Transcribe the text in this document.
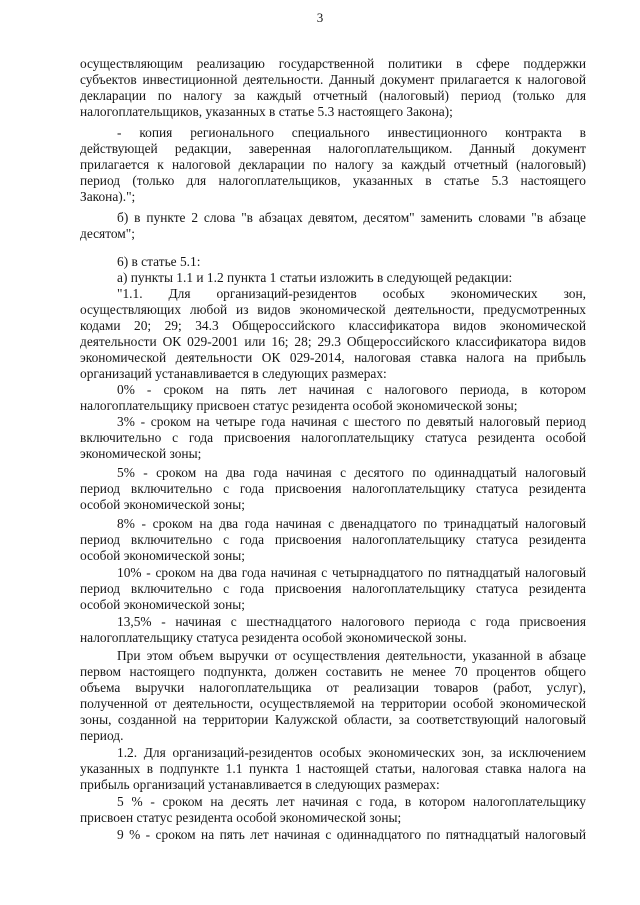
3
осуществляющим реализацию государственной политики в сфере поддержки
субъектов инвестиционной деятельности. Данный документ прилагается к налоговой
декларации по налогу за каждый отчетный (налоговый) период (только для
налогоплательщиков, указанных в статье 5.3 настоящего Закона);
- копия регионального специального инвестиционного контракта в
действующей редакции, заверенная налогоплательщиком. Данный документ
прилагается к налоговой декларации по налогу за каждый отчетный (налоговый)
период (только для налогоплательщиков, указанных в статье 5.3 настоящего
Закона).";
б) в пункте 2 слова "в абзацах девятом, десятом" заменить словами "в абзаце
десятом";
6) в статье 5.1:
а) пункты 1.1 и 1.2 пункта 1 статьи изложить в следующей редакции:
"1.1. Для организаций-резидентов особых экономических зон,
осуществляющих любой из видов экономической деятельности, предусмотренных
кодами 20; 29; 34.3 Общероссийского классификатора видов экономической
деятельности ОК 029-2001 или 16; 28; 29.3 Общероссийского классификатора видов
экономической деятельности ОК 029-2014, налоговая ставка налога на прибыль
организаций устанавливается в следующих размерах:
0% - сроком на пять лет начиная с налогового периода, в котором
налогоплательщику присвоен статус резидента особой экономической зоны;
3% - сроком на четыре года начиная с шестого по девятый налоговый период
включительно с года присвоения налогоплательщику статуса резидента особой
экономической зоны;
5% - сроком на два года начиная с десятого по одиннадцатый налоговый
период включительно с года присвоения налогоплательщику статуса резидента
особой экономической зоны;
8% - сроком на два года начиная с двенадцатого по тринадцатый налоговый
период включительно с года присвоения налогоплательщику статуса резидента
особой экономической зоны;
10% - сроком на два года начиная с четырнадцатого по пятнадцатый налоговый
период включительно с года присвоения налогоплательщику статуса резидента
особой экономической зоны;
13,5% - начиная с шестнадцатого налогового периода с года присвоения
налогоплательщику статуса резидента особой экономической зоны.
При этом объем выручки от осуществления деятельности, указанной в абзаце
первом настоящего подпункта, должен составить не менее 70 процентов общего
объема выручки налогоплательщика от реализации товаров (работ, услуг),
полученной от деятельности, осуществляемой на территории особой экономической
зоны, созданной на территории Калужской области, за соответствующий налоговый
период.
1.2. Для организаций-резидентов особых экономических зон, за исключением
указанных в подпункте 1.1 пункта 1 настоящей статьи, налоговая ставка налога на
прибыль организаций устанавливается в следующих размерах:
5 % - сроком на десять лет начиная с года, в котором налогоплательщику
присвоен статус резидента особой экономической зоны;
9 % - сроком на пять лет начиная с одиннадцатого по пятнадцатый налоговый
